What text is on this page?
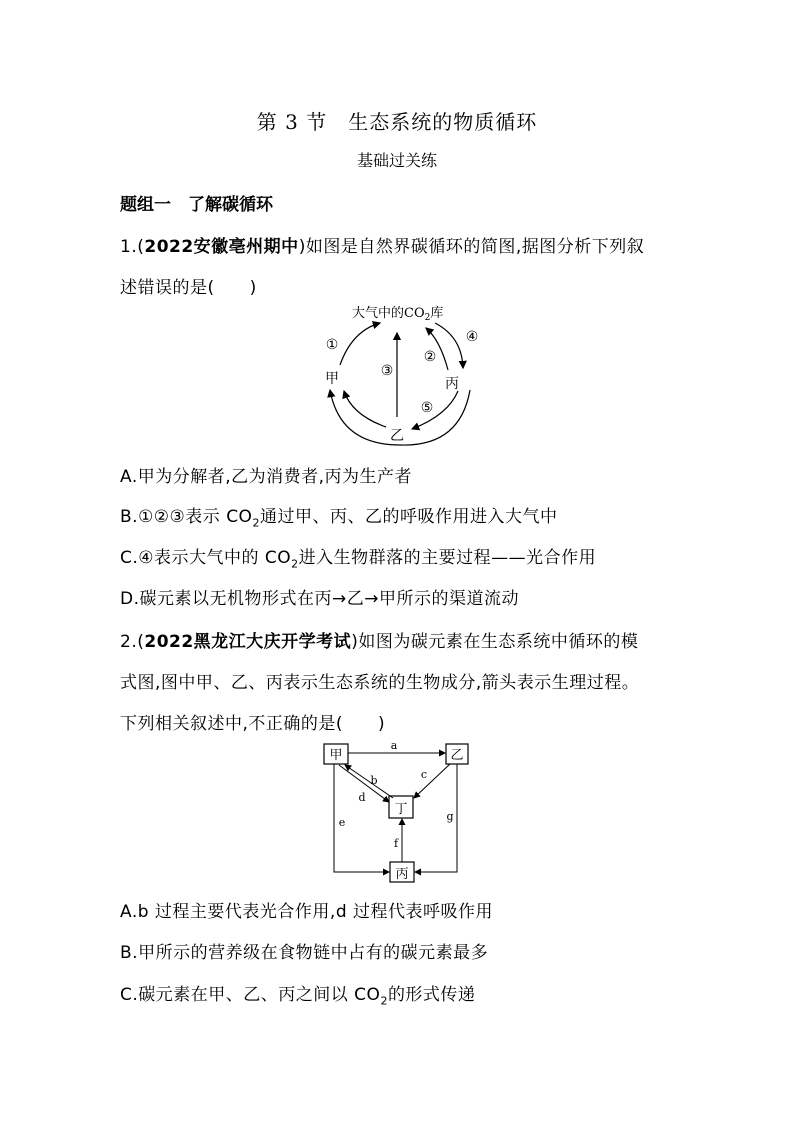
第 3 节　生态系统的物质循环
基础过关练
题组一　了解碳循环
1.(2022安徽亳州期中)如图是自然界碳循环的简图,据图分析下列叙
述错误的是(　　)
大气中的$CO_2$库
甲
乙
丙
①
②
③
④
⑤
A.甲为分解者,乙为消费者,丙为生产者
B.①②③表示 $CO_2$通过甲、丙、乙的呼吸作用进入大气中
C.④表示大气中的 $CO_2$进入生物群落的主要过程——光合作用
D.碳元素以无机物形式在丙→乙→甲所示的渠道流动
2.(2022黑龙江大庆开学考试)如图为碳元素在生态系统中循环的模
式图,图中甲、乙、丙表示生态系统的生物成分,箭头表示生理过程。
下列相关叙述中,不正确的是(　　)
甲	乙
丁
丙
a
b	c
d
e
f
g
A.b 过程主要代表光合作用,d 过程代表呼吸作用
B.甲所示的营养级在食物链中占有的碳元素最多
C.碳元素在甲、乙、丙之间以 $CO_2$的形式传递
